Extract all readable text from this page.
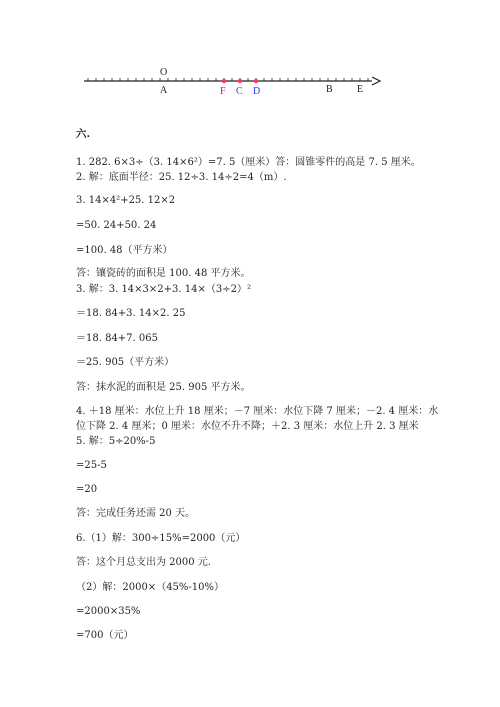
O
A	F C D	B E
六.
1. 282. 6×3÷（3. 14×6²）=7. 5（厘米）答：圆锥零件的高是 7. 5 厘米。
2. 解：底面半径：25. 12÷3. 14÷2=4（m）.
3. 14×4²+25. 12×2
=50. 24+50. 24
=100. 48（平方米）
答：镶瓷砖的面积是 100. 48 平方米。
3. 解：3. 14×3×2+3. 14×（3÷2）²
＝18. 84+3. 14×2. 25
＝18. 84+7. 065
＝25. 905（平方米）
答：抹水泥的面积是 25. 905 平方米。
4. ＋18 厘米：水位上升 18 厘米；－7 厘米：水位下降 7 厘米；－2. 4 厘米：水
位下降 2. 4 厘米；0 厘米：水位不升不降；＋2. 3 厘米：水位上升 2. 3 厘米
5. 解：5÷20%-5
=25-5
=20
答：完成任务还需 20 天。
6.（1）解：300÷15%=2000（元）
答：这个月总支出为 2000 元.
（2）解：2000×（45%-10%）
=2000×35%
=700（元）
